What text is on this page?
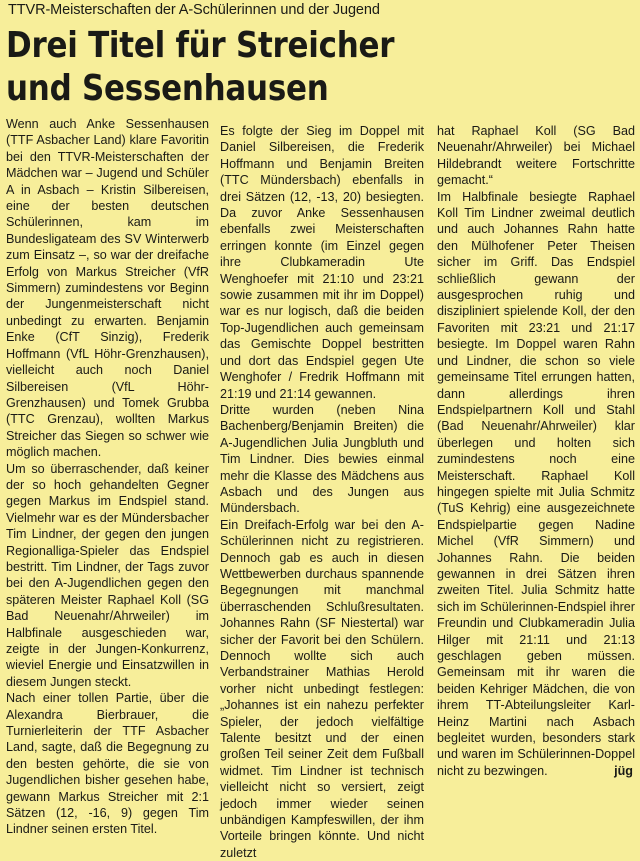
TTVR-Meisterschaften der A-Schülerinnen und der Jugend
Drei Titel für Streicher
und Sessenhausen

Wenn auch Anke Sessenhausen (TTF Asbacher Land) klare Favoritin bei den TTVR-Meisterschaften der Mädchen war – Jugend und Schüler A in Asbach – Kristin Silbereisen, eine der besten deutschen Schülerinnen, kam im Bundesligateam des SV Winterwerb zum Einsatz –, so war der dreifache Erfolg von Markus Streicher (VfR Simmern) zumindestens vor Beginn der Jungenmeisterschaft nicht unbedingt zu erwarten. Benjamin Enke (CfT Sinzig), Frederik Hoffmann (VfL Höhr-Grenzhausen), vielleicht auch noch Daniel Silbereisen (VfL Höhr-Grenzhausen) und Tomek Grubba (TTC Grenzau), wollten Markus Streicher das Siegen so schwer wie möglich machen.

Um so überraschender, daß keiner der so hoch gehandelten Gegner gegen Markus im Endspiel stand. Vielmehr war es der Mündersbacher Tim Lindner, der gegen den jungen Regionalliga-Spieler das Endspiel bestritt. Tim Lindner, der Tags zuvor bei den A-Jugendlichen gegen den späteren Meister Raphael Koll (SG Bad Neuenahr/Ahrweiler) im Halbfinale ausgeschieden war, zeigte in der Jungen-Konkurrenz, wieviel Energie und Einsatzwillen in diesem Jungen steckt.

Nach einer tollen Partie, über die Alexandra Bierbrauer, die Turnierleiterin der TTF Asbacher Land, sagte, daß die Begegnung zu den besten gehörte, die sie von Jugendlichen bisher gesehen habe, gewann Markus Streicher mit 2:1 Sätzen (12, -16, 9) gegen Tim Lindner seinen ersten Titel.

Es folgte der Sieg im Doppel mit Daniel Silbereisen, die Frederik Hoffmann und Benjamin Breiten (TTC Mündersbach) ebenfalls in drei Sätzen (12, -13, 20) besiegten. Da zuvor Anke Sessenhausen ebenfalls zwei Meisterschaften erringen konnte (im Einzel gegen ihre Clubkameradin Ute Wenghoefer mit 21:10 und 23:21 sowie zusammen mit ihr im Doppel) war es nur logisch, daß die beiden Top-Jugendlichen auch gemeinsam das Gemischte Doppel bestritten und dort das Endspiel gegen Ute Wenghofer / Fredrik Hoffmann mit 21:19 und 21:14 gewannen.

Dritte wurden (neben Nina Bachenberg/Benjamin Breiten) die A-Jugendlichen Julia Jungbluth und Tim Lindner. Dies bewies einmal mehr die Klasse des Mädchens aus Asbach und des Jungen aus Mündersbach.

Ein Dreifach-Erfolg war bei den A-Schülerinnen nicht zu registrieren. Dennoch gab es auch in diesen Wettbewerben durchaus spannende Begegnungen mit manchmal überraschenden Schlußresultaten. Johannes Rahn (SF Niestertal) war sicher der Favorit bei den Schülern. Dennoch wollte sich auch Verbandstrainer Mathias Herold vorher nicht unbedingt festlegen: „Johannes ist ein nahezu perfekter Spieler, der jedoch vielfältige Talente besitzt und der einen großen Teil seiner Zeit dem Fußball widmet. Tim Lindner ist technisch vielleicht nicht so versiert, zeigt jedoch immer wieder seinen unbändigen Kampfeswillen, der ihm Vorteile bringen könnte. Und nicht zuletzt

hat Raphael Koll (SG Bad Neuenahr/Ahrweiler) bei Michael Hildebrandt weitere Fortschritte gemacht.“

Im Halbfinale besiegte Raphael Koll Tim Lindner zweimal deutlich und auch Johannes Rahn hatte den Mülhofener Peter Theisen sicher im Griff. Das Endspiel schließlich gewann der ausgesprochen ruhig und diszipliniert spielende Koll, der den Favoriten mit 23:21 und 21:17 besiegte. Im Doppel waren Rahn und Lindner, die schon so viele gemeinsame Titel errungen hatten, dann allerdings ihren Endspielpartnern Koll und Stahl (Bad Neuenahr/Ahrweiler) klar überlegen und holten sich zumindestens noch eine Meisterschaft. Raphael Koll hingegen spielte mit Julia Schmitz (TuS Kehrig) eine ausgezeichnete Endspielpartie gegen Nadine Michel (VfR Simmern) und Johannes Rahn. Die beiden gewannen in drei Sätzen ihren zweiten Titel. Julia Schmitz hatte sich im Schülerinnen-Endspiel ihrer Freundin und Clubkameradin Julia Hilger mit 21:11 und 21:13 geschlagen geben müssen. Gemeinsam mit ihr waren die beiden Kehriger Mädchen, die von ihrem TT-Abteilungsleiter Karl-Heinz Martini nach Asbach begleitet wurden, besonders stark und waren im Schülerinnen-Doppel nicht zu bezwingen.	jüg
